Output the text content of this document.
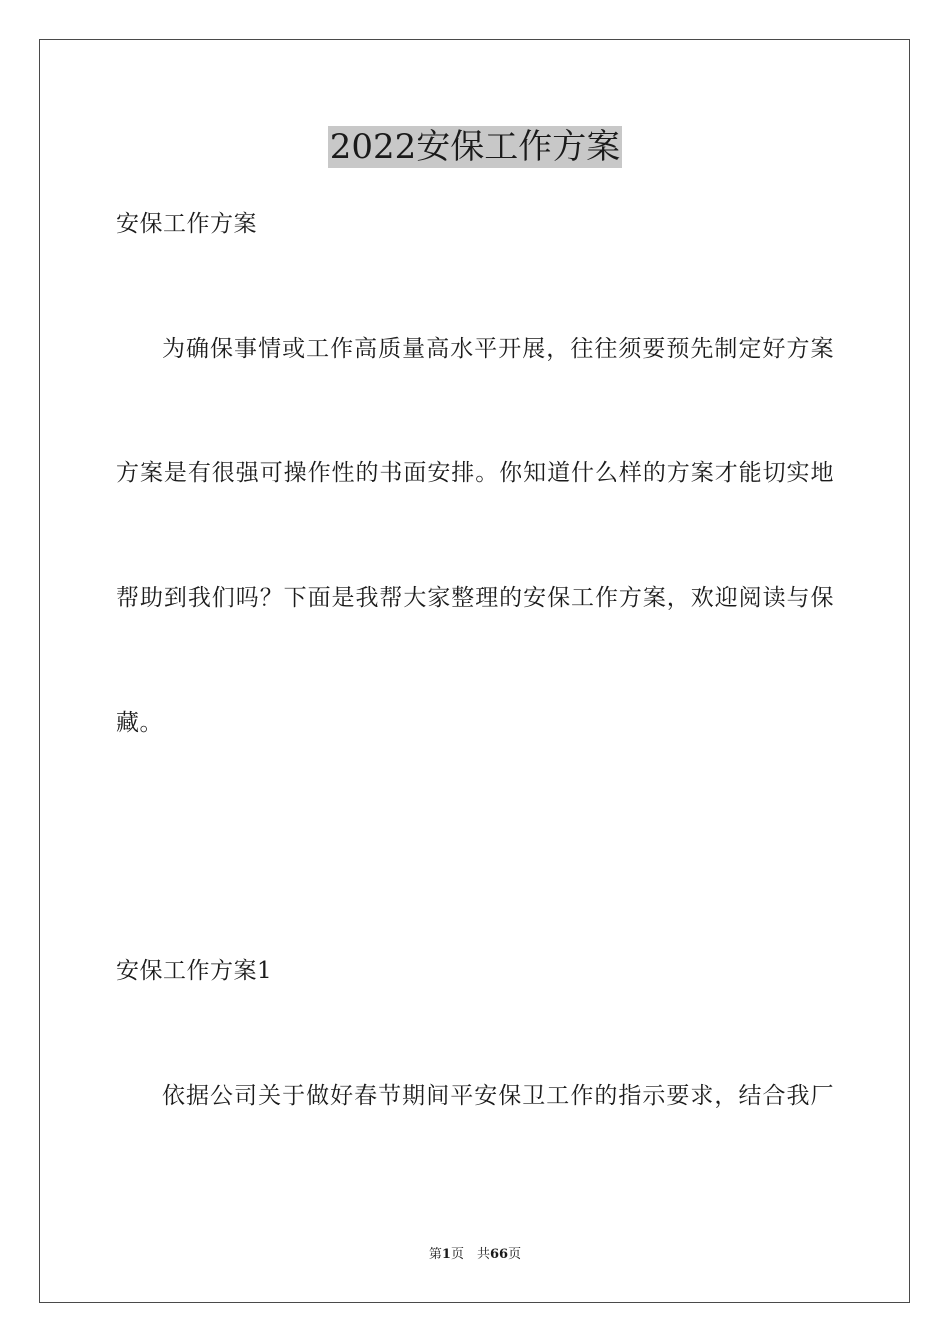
2022安保工作方案
安保工作方案
为确保事情或工作高质量高水平开展，往往须要预先制定好方案
方案是有很强可操作性的书面安排。你知道什么样的方案才能切实地
帮助到我们吗？下面是我帮大家整理的安保工作方案，欢迎阅读与保
藏。
安保工作方案1
依据公司关于做好春节期间平安保卫工作的指示要求，结合我厂
第1页　共66页
